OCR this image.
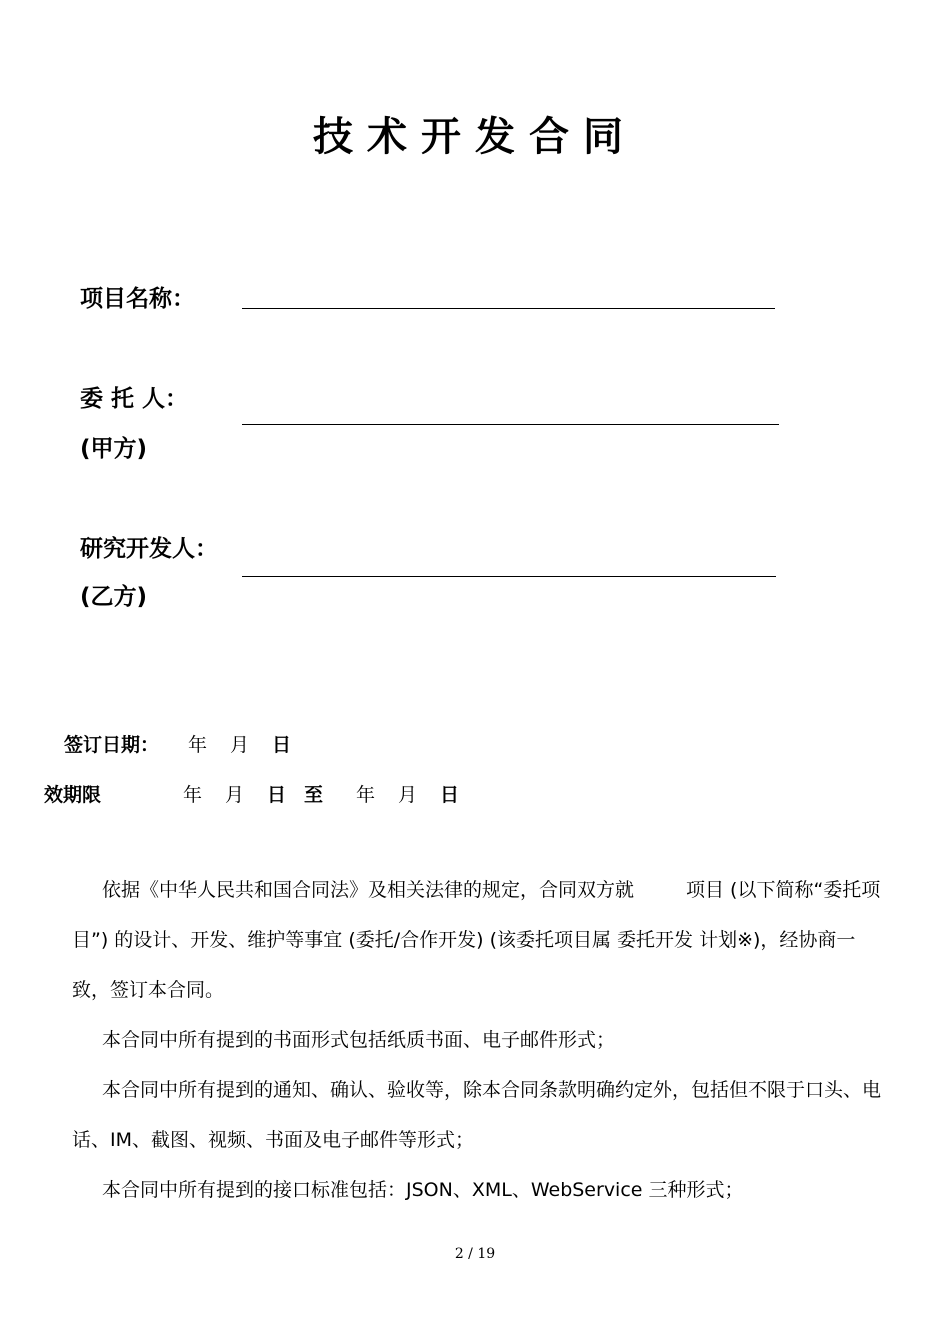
技术开发合同
项目名称：
委 托 人：
(甲方)
研究开发人：
(乙方)
签订日期： 年 月 日
效期限	年 月 日 至 年 月 日
依据《中华人民共和国合同法》及相关法律的规定，合同双方就	项目 (以下简称“委托项
目”) 的设计、开发、维护等事宜 (委托/合作开发) (该委托项目属 委托开发 计划※)，经协商一
致，签订本合同。
本合同中所有提到的书面形式包括纸质书面、电子邮件形式；
本合同中所有提到的通知、确认、验收等，除本合同条款明确约定外，包括但不限于口头、电
话、IM、截图、视频、书面及电子邮件等形式；
本合同中所有提到的接口标准包括：JSON、XML、WebService 三种形式；
2 / 19
